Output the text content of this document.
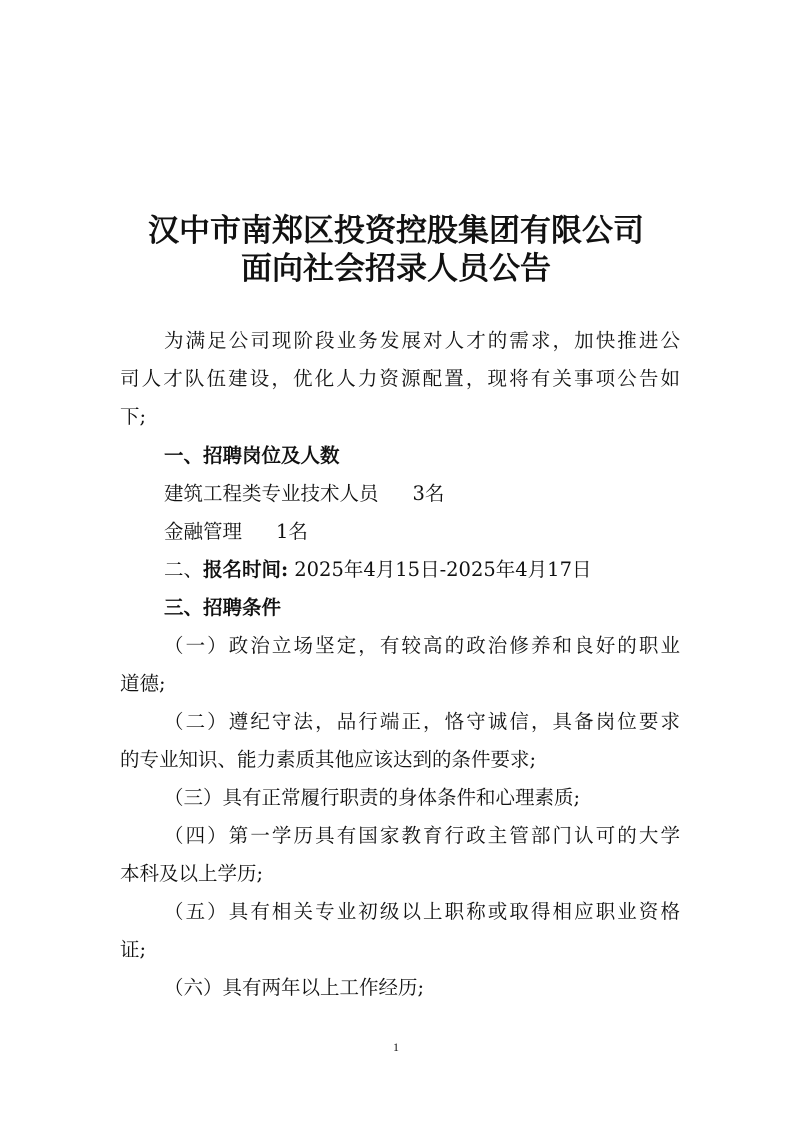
汉中市南郑区投资控股集团有限公司
面向社会招录人员公告
为满足公司现阶段业务发展对人才的需求，加快推进公
司人才队伍建设，优化人力资源配置，现将有关事项公告如
下;
一、招聘岗位及人数
建筑工程类专业技术人员 3名
金融管理 1名
二、报名时间: 2025年4月15日-2025年4月17日
三、招聘条件
（一）政治立场坚定，有较高的政治修养和良好的职业
道德;
（二）遵纪守法，品行端正，恪守诚信，具备岗位要求
的专业知识、能力素质其他应该达到的条件要求;
（三）具有正常履行职责的身体条件和心理素质;
（四）第一学历具有国家教育行政主管部门认可的大学
本科及以上学历;
（五）具有相关专业初级以上职称或取得相应职业资格
证;
（六）具有两年以上工作经历;
1
